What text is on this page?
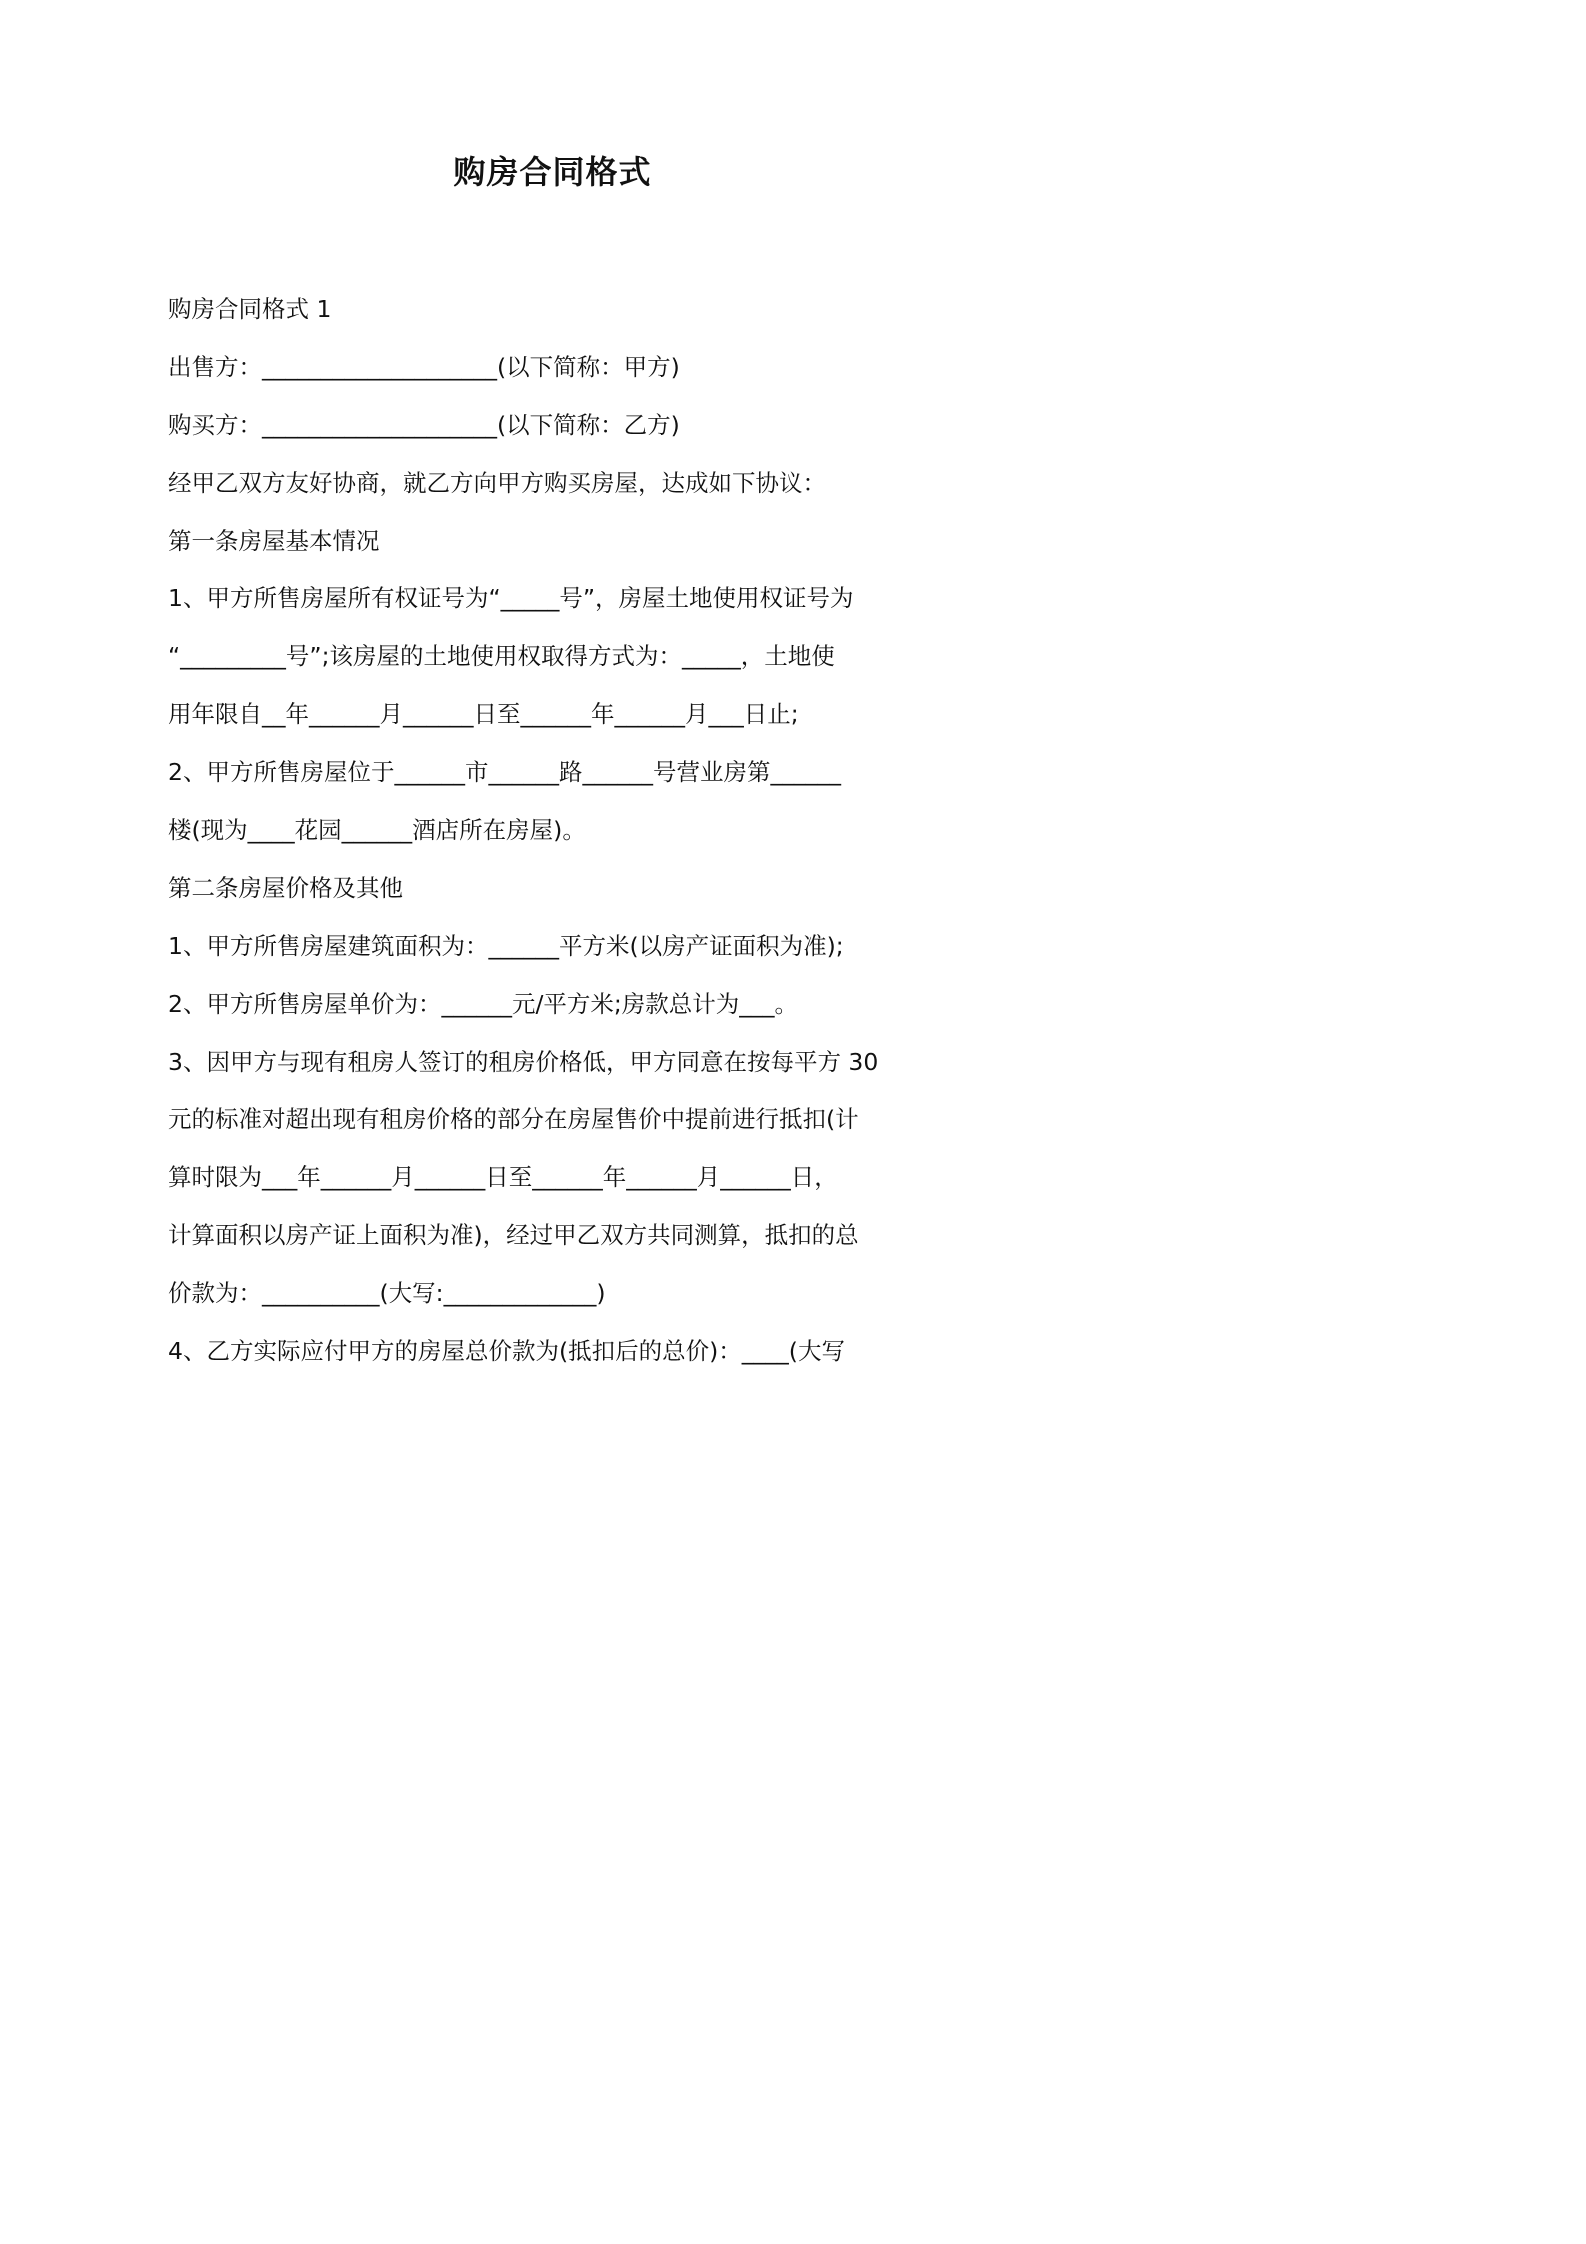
购房合同格式
购房合同格式 1
出售方：____________________(以下简称：甲方)
购买方：____________________(以下简称：乙方)
经甲乙双方友好协商，就乙方向甲方购买房屋，达成如下协议：
第一条房屋基本情况
1、甲方所售房屋所有权证号为“_____号”，房屋土地使用权证号为
“_________号”;该房屋的土地使用权取得方式为：_____，土地使
用年限自__年______月______日至______年______月___日止;
2、甲方所售房屋位于______市______路______号营业房第______
楼(现为____花园______酒店所在房屋)。
第二条房屋价格及其他
1、甲方所售房屋建筑面积为：______平方米(以房产证面积为准);
2、甲方所售房屋单价为：______元/平方米;房款总计为___。
3、因甲方与现有租房人签订的租房价格低，甲方同意在按每平方 30
元的标准对超出现有租房价格的部分在房屋售价中提前进行抵扣(计
算时限为___年______月______日至______年______月______日，
计算面积以房产证上面积为准)，经过甲乙双方共同测算，抵扣的总
价款为：__________(大写:_____________)
4、乙方实际应付甲方的房屋总价款为(抵扣后的总价)：____(大写
